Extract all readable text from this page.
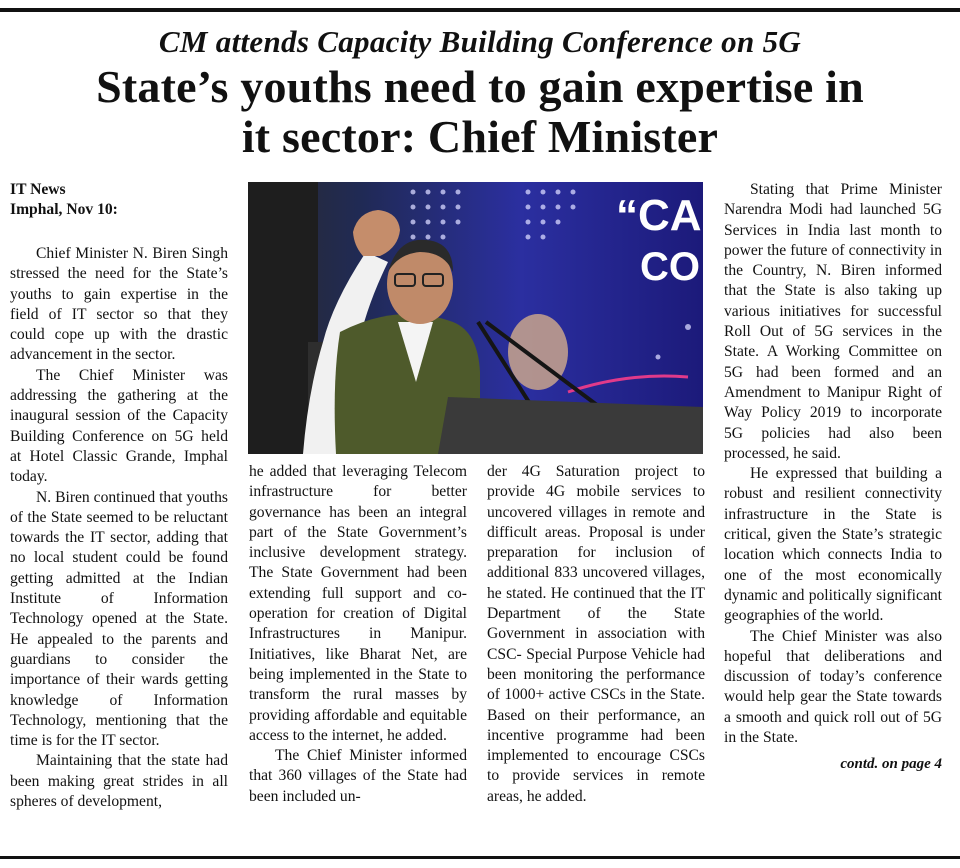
CM attends Capacity Building Conference on 5G
State’s youths need to gain expertise in
it sector: Chief Minister
IT News
Imphal, Nov 10:

Chief Minister N. Biren Singh stressed the need for the State’s youths to gain expertise in the field of IT sector so that they could cope up with the drastic advancement in the sector.

The Chief Minister was addressing the gathering at the inaugural session of the Capacity Building Conference on 5G held at Hotel Classic Grande, Imphal today.

N. Biren continued that youths of the State seemed to be reluctant towards the IT sector, adding that no local student could be found getting admitted at the Indian Institute of Information Technology opened at the State. He appealed to the parents and guardians to consider the importance of their wards getting knowledge of Information Technology, mentioning that the time is for the IT sector.

Maintaining that the state had been making great strides in all spheres of development,

“CA
CO

he added that leveraging Telecom infrastructure for better governance has been an integral part of the State Government’s inclusive development strategy. The State Government had been extending full support and co-operation for creation of Digital Infrastructures in Manipur. Initiatives, like Bharat Net, are being implemented in the State to transform the rural masses by providing affordable and equitable access to the internet, he added.

The Chief Minister informed that 360 villages of the State had been included un-

der 4G Saturation project to provide 4G mobile services to uncovered villages in remote and difficult areas. Proposal is under preparation for inclusion of additional 833 uncovered villages, he stated. He continued that the IT Department of the State Government in association with CSC- Special Purpose Vehicle had been monitoring the performance of 1000+ active CSCs in the State. Based on their performance, an incentive programme had been implemented to encourage CSCs to provide services in remote areas, he added.

Stating that Prime Minister Narendra Modi had launched 5G Services in India last month to power the future of connectivity in the Country, N. Biren informed that the State is also taking up various initiatives for successful Roll Out of 5G services in the State. A Working Committee on 5G had been formed and an Amendment to Manipur Right of Way Policy 2019 to incorporate 5G policies had also been processed, he said.

He expressed that building a robust and resilient connectivity infrastructure in the State is critical, given the State’s strategic location which connects India to one of the most economically dynamic and politically significant geographies of the world.

The Chief Minister was also hopeful that deliberations and discussion of today’s conference would help gear the State towards a smooth and quick roll out of 5G in the State.

contd. on page 4
